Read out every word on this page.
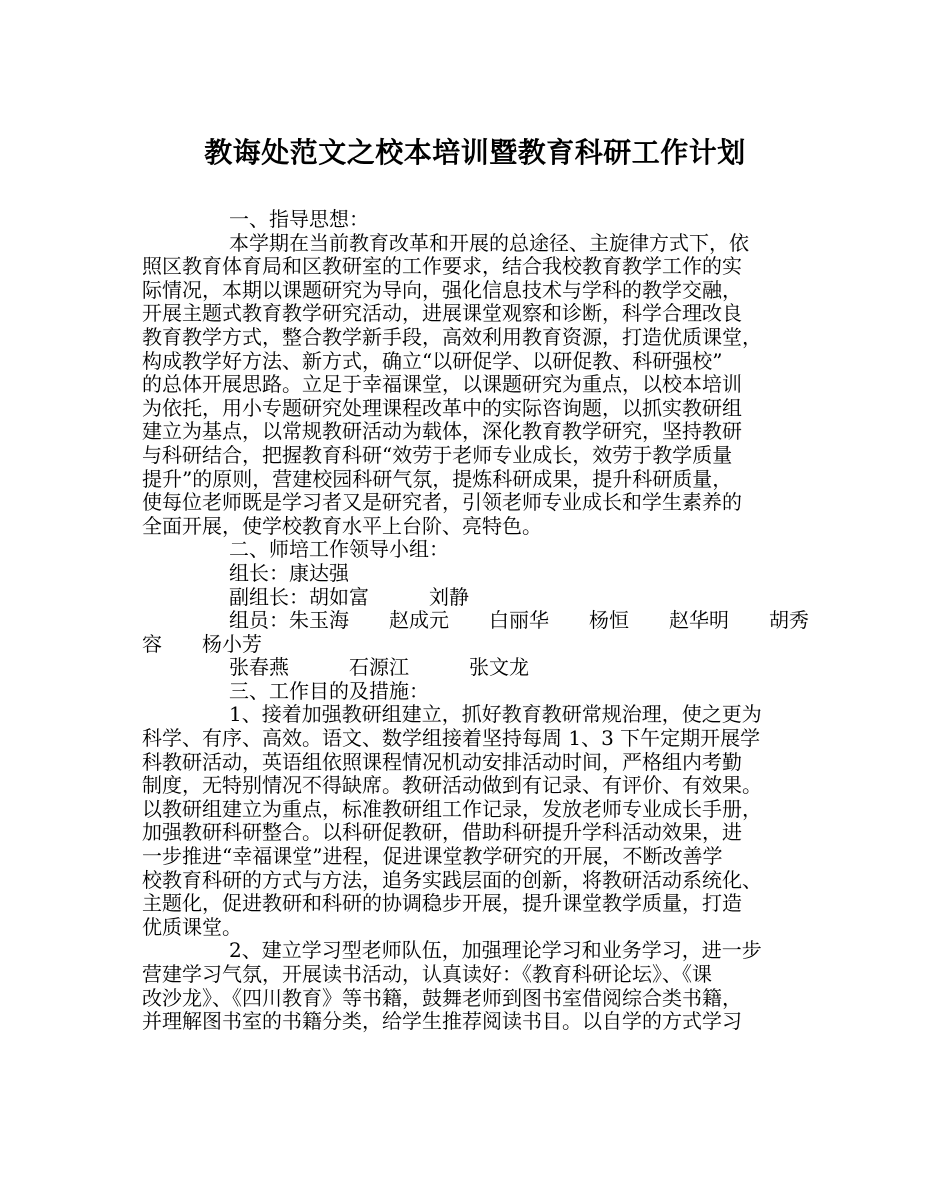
教诲处范文之校本培训暨教育科研工作计划
一、指导思想：
本学期在当前教育改革和开展的总途径、主旋律方式下，依
照区教育体育局和区教研室的工作要求，结合我校教育教学工作的实
际情况，本期以课题研究为导向，强化信息技术与学科的教学交融，
开展主题式教育教学研究活动，进展课堂观察和诊断，科学合理改良
教育教学方式，整合教学新手段，高效利用教育资源，打造优质课堂，
构成教学好方法、新方式，确立“以研促学、以研促教、科研强校”
的总体开展思路。立足于幸福课堂，以课题研究为重点，以校本培训
为依托，用小专题研究处理课程改革中的实际咨询题，以抓实教研组
建立为基点，以常规教研活动为载体，深化教育教学研究，坚持教研
与科研结合，把握教育科研“效劳于老师专业成长，效劳于教学质量
提升”的原则，营建校园科研气氛，提炼科研成果，提升科研质量，
使每位老师既是学习者又是研究者，引领老师专业成长和学生素养的
全面开展，使学校教育水平上台阶、亮特色。
二、师培工作领导小组：
组长：康达强
副组长：胡如富　　　刘静
组员：朱玉海　　赵成元　　白丽华　　杨恒　　赵华明　　胡秀
容　　杨小芳
张春燕　　　石源江　　　张文龙
三、工作目的及措施：
1、接着加强教研组建立，抓好教育教研常规治理，使之更为
科学、有序、高效。语文、数学组接着坚持每周 1、3 下午定期开展学
科教研活动，英语组依照课程情况机动安排活动时间，严格组内考勤
制度，无特别情况不得缺席。教研活动做到有记录、有评价、有效果。
以教研组建立为重点，标准教研组工作记录，发放老师专业成长手册，
加强教研科研整合。以科研促教研，借助科研提升学科活动效果，进
一步推进“幸福课堂”进程，促进课堂教学研究的开展，不断改善学
校教育科研的方式与方法，追务实践层面的创新，将教研活动系统化、
主题化，促进教研和科研的协调稳步开展，提升课堂教学质量，打造
优质课堂。
2、建立学习型老师队伍，加强理论学习和业务学习，进一步
营建学习气氛，开展读书活动，认真读好：《教育科研论坛》、《课
改沙龙》、《四川教育》等书籍，鼓舞老师到图书室借阅综合类书籍，
并理解图书室的书籍分类，给学生推荐阅读书目。以自学的方式学习
